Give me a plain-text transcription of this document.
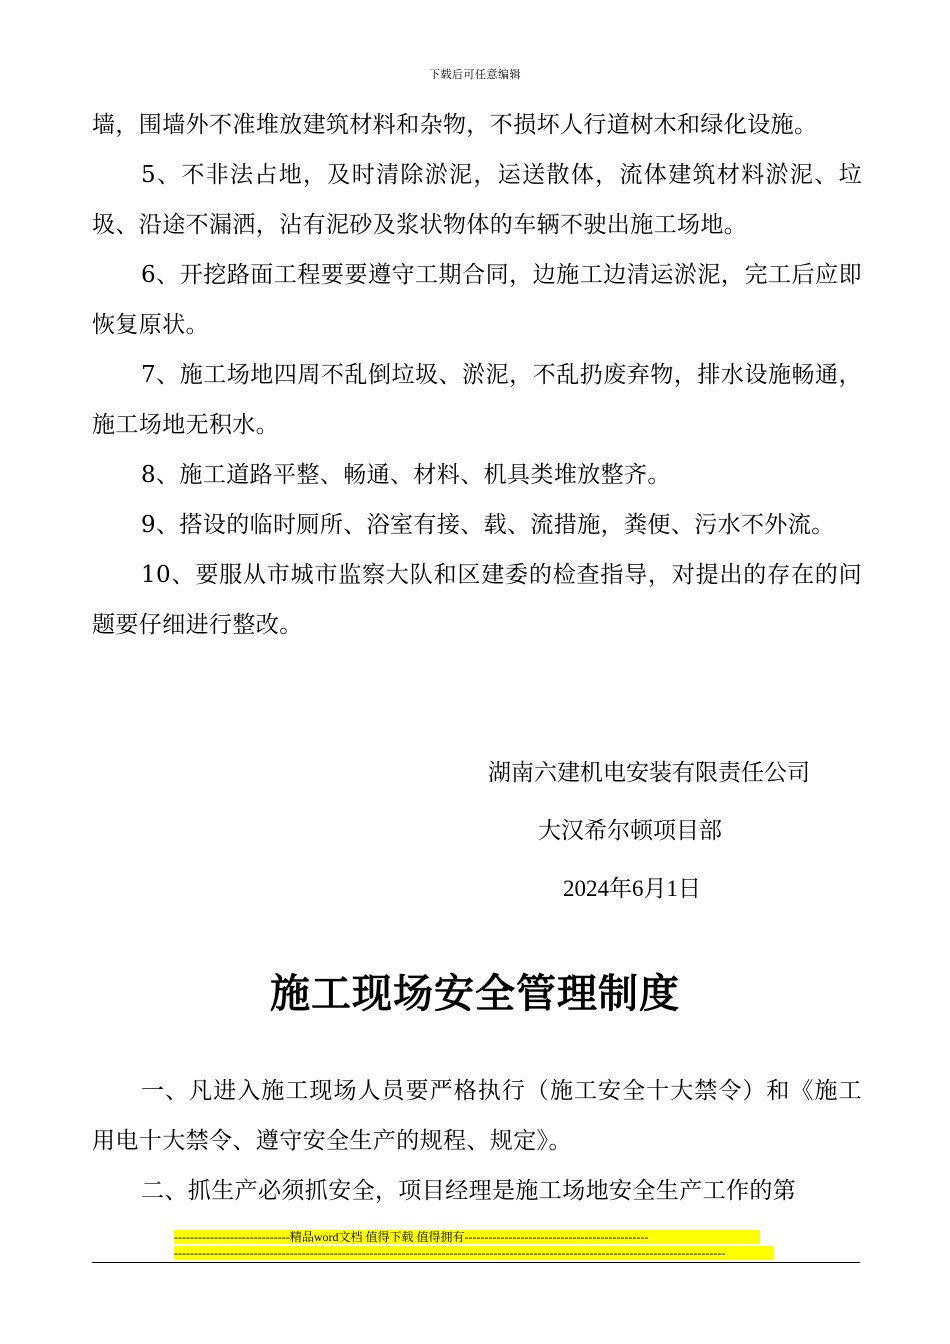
下载后可任意编辑

墙，围墙外不准堆放建筑材料和杂物，不损坏人行道树木和绿化设施。

5、不非法占地，及时清除淤泥，运送散体，流体建筑材料淤泥、垃圾、沿途不漏洒，沾有泥砂及浆状物体的车辆不驶出施工场地。

6、开挖路面工程要要遵守工期合同，边施工边清运淤泥，完工后应即恢复原状。

7、施工场地四周不乱倒垃圾、淤泥，不乱扔废弃物，排水设施畅通，施工场地无积水。

8、施工道路平整、畅通、材料、机具类堆放整齐。

9、搭设的临时厕所、浴室有接、载、流措施，粪便、污水不外流。

10、要服从市城市监察大队和区建委的检查指导，对提出的存在的问题要仔细进行整改。

湖南六建机电安装有限责任公司
大汉希尔顿项目部
2024年6月1日
施工现场安全管理制度

一、凡进入施工现场人员要严格执行（施工安全十大禁令）和《施工用电十大禁令、遵守安全生产的规程、规定》。

二、抓生产必须抓安全，项目经理是施工场地安全生产工作的第

-----------------------------精品word文档 值得下载 值得拥有----------------------------------------------
------------------------------------------------------------------------------------------------------------------------------------------
